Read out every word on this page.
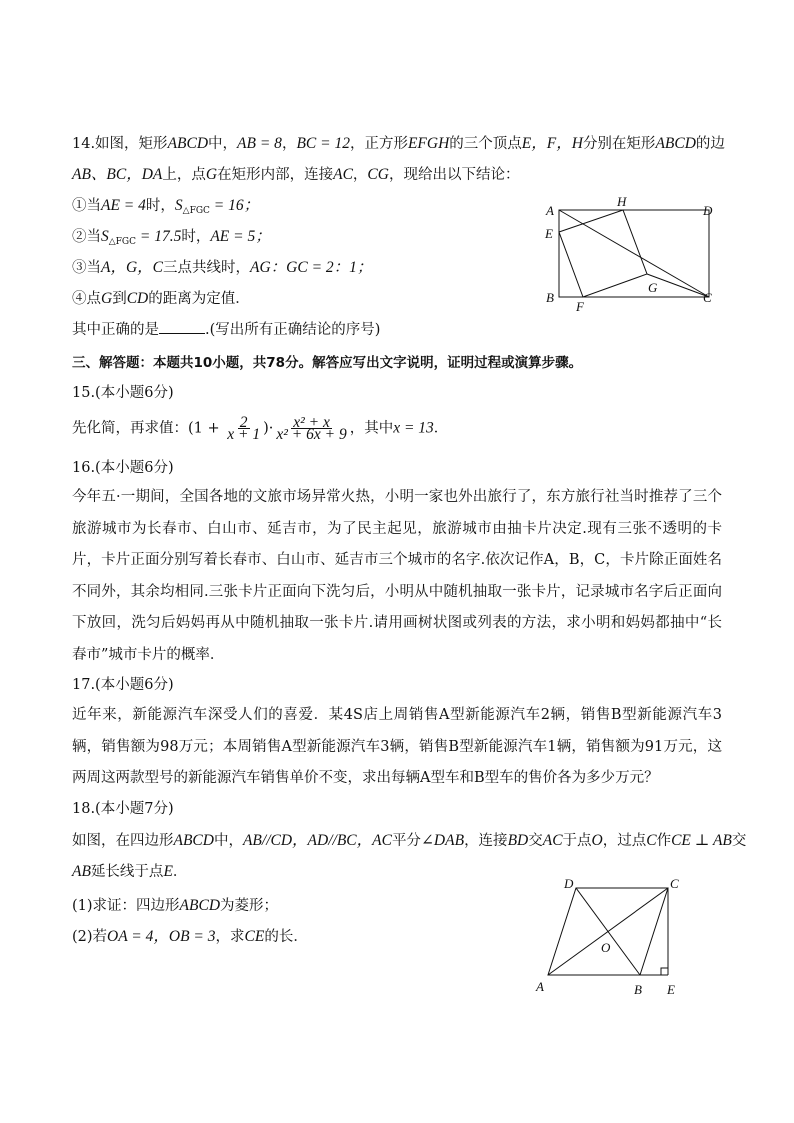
14.如图，矩形ABCD中，AB = 8，BC = 12，正方形EFGH的三个顶点E，F，H分别在矩形ABCD的边
AB、BC，DA上，点G在矩形内部，连接AC，CG，现给出以下结论：
①当AE = 4时，$S_{\triangle FGC} = 16$；
②当$S_{\triangle FGC} = 17.5$时，AE = 5；
③当A，G，C三点共线时，AG：GC = 2：1；
④点G到CD的距离为定值．
其中正确的是	.(写出所有正确结论的序号)
A
H
D
E
G
B	C
F
三、解答题：本题共10小题，共78分。解答应写出文字说明，证明过程或演算步骤。
15.(本小题6分)
先化简，再求值：($1 + \frac{2}{x + 1}$ )· $\frac{\text{x² + x}}{\text{x² + 6x + 9}}$ ，其中x = 13．
16.(本小题6分)
今年五·一期间，全国各地的文旅市场异常火热，小明一家也外出旅行了，东方旅行社当时推荐了三个旅游城市为长春市、白山市、延吉市，为了民主起见，旅游城市由抽卡片决定.现有三张不透明的卡片，卡片正面分别写着长春市、白山市、延吉市三个城市的名字.依次记作A，B，C，卡片除正面姓名不同外，其余均相同.三张卡片正面向下洗匀后，小明从中随机抽取一张卡片，记录城市名字后正面向下放回，洗匀后妈妈再从中随机抽取一张卡片.请用画树状图或列表的方法，求小明和妈妈都抽中“长春市”城市卡片的概率．
17.(本小题6分)
近年来，新能源汽车深受人们的喜爱．某4S店上周销售A型新能源汽车2辆，销售B型新能源汽车3辆，销售额为98万元；本周销售A型新能源汽车3辆，销售B型新能源汽车1辆，销售额为91万元，这两周这两款型号的新能源汽车销售单价不变，求出每辆A型车和B型车的售价各为多少万元？
18.(本小题7分)
如图，在四边形ABCD中，AB//CD，AD//BC，AC平分∠DAB，连接BD交AC于点O，过点C作CE ⊥ AB交
AB延长线于点E．
(1)求证：四边形ABCD为菱形；
(2)若OA = 4，OB = 3，求CE的长．
D	C
O
A	B E
